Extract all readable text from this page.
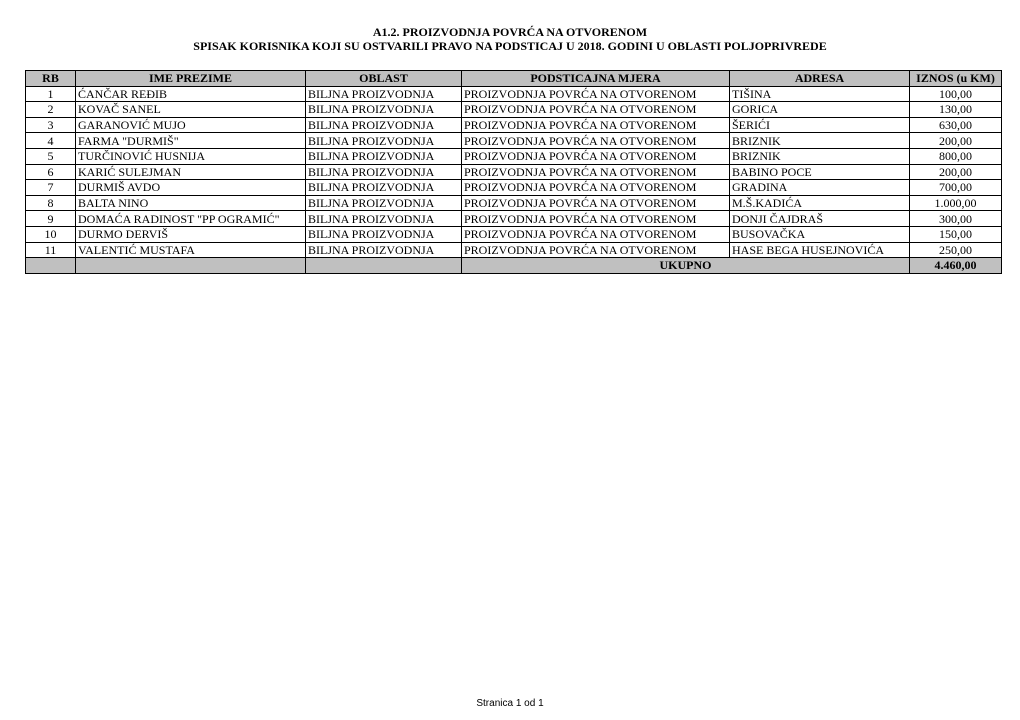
A1.2. PROIZVODNJA POVRĆA NA OTVORENOM
SPISAK KORISNIKA KOJI SU OSTVARILI PRAVO NA PODSTICAJ U 2018. GODINI U OBLASTI POLJOPRIVREDE
RB	IME PREZIME	OBLAST	PODSTICAJNA MJERA	ADRESA	IZNOS (u KM)
1	ĆANČAR REĐIB	BILJNA PROIZVODNJA	PROIZVODNJA POVRĆA NA OTVORENOM	TIŠINA	100,00
2	KOVAČ SANEL	BILJNA PROIZVODNJA	PROIZVODNJA POVRĆA NA OTVORENOM	GORICA	130,00
3	GARANOVIĆ MUJO	BILJNA PROIZVODNJA	PROIZVODNJA POVRĆA NA OTVORENOM	ŠERIĆI	630,00
4	FARMA "DURMIŠ"	BILJNA PROIZVODNJA	PROIZVODNJA POVRĆA NA OTVORENOM	BRIZNIK	200,00
5	TURČINOVIĆ HUSNIJA	BILJNA PROIZVODNJA	PROIZVODNJA POVRĆA NA OTVORENOM	BRIZNIK	800,00
6	KARIĆ SULEJMAN	BILJNA PROIZVODNJA	PROIZVODNJA POVRĆA NA OTVORENOM	BABINO POCE	200,00
7	DURMIŠ AVDO	BILJNA PROIZVODNJA	PROIZVODNJA POVRĆA NA OTVORENOM	GRADINA	700,00
8	BALTA NINO	BILJNA PROIZVODNJA	PROIZVODNJA POVRĆA NA OTVORENOM	M.Š.KADIĆA	1.000,00
9	DOMAĆA RADINOST "PP OGRAMIĆ"	BILJNA PROIZVODNJA	PROIZVODNJA POVRĆA NA OTVORENOM	DONJI ČAJDRAŠ	300,00
10	DURMO DERVIŠ	BILJNA PROIZVODNJA	PROIZVODNJA POVRĆA NA OTVORENOM	BUSOVAČKA	150,00
11	VALENTIĆ MUSTAFA	BILJNA PROIZVODNJA	PROIZVODNJA POVRĆA NA OTVORENOM	HASE BEGA HUSEJNOVIĆA	250,00
			UKUPNO		4.460,00
Stranica 1 od 1
